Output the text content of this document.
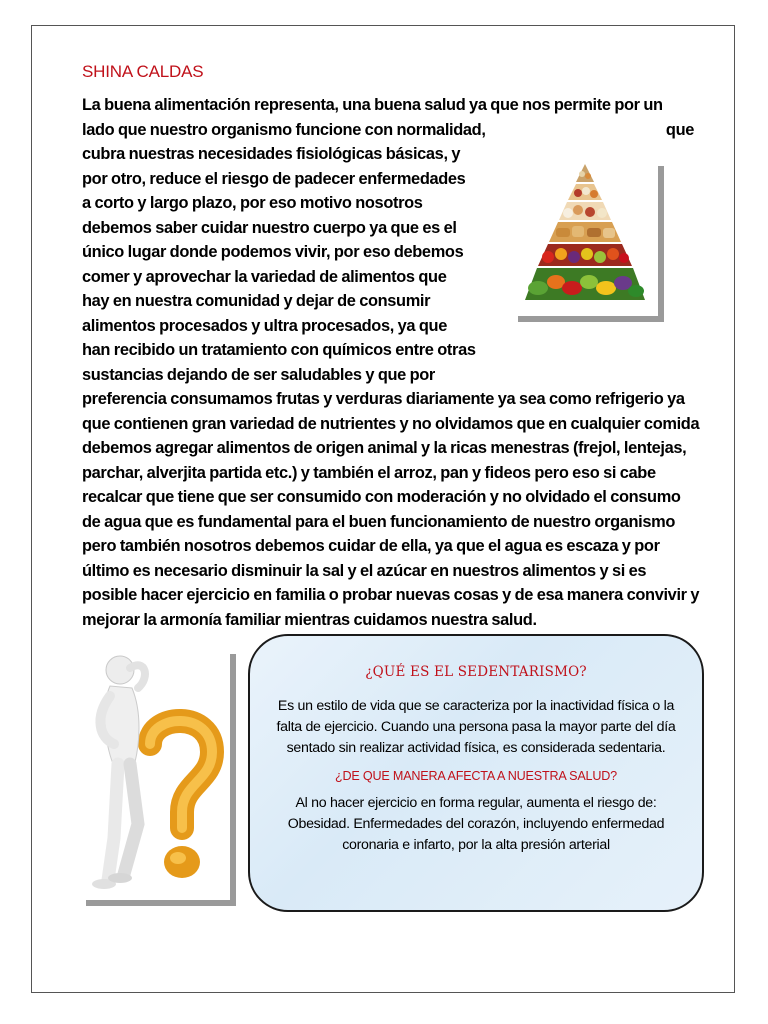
SHINA CALDAS
La buena alimentación representa, una buena salud ya que nos permite por un
lado que nuestro organismo funcione con normalidad,	que
cubra nuestras necesidades fisiológicas básicas, y
por otro, reduce el riesgo de padecer enfermedades
a corto y largo plazo, por eso motivo nosotros
debemos saber cuidar nuestro cuerpo ya que es el
único lugar donde podemos vivir, por eso debemos
comer y aprovechar la variedad de alimentos que
hay en nuestra comunidad y dejar de consumir
alimentos procesados y ultra procesados, ya que
han recibido un tratamiento con químicos entre otras
sustancias dejando de ser saludables y que por
preferencia consumamos frutas y verduras diariamente ya sea como refrigerio ya que contienen gran variedad de nutrientes y no olvidamos que en cualquier comida debemos agregar alimentos de origen animal y la ricas menestras (frejol, lentejas, parchar, alverjita partida etc.) y también el arroz, pan y fideos pero eso si cabe recalcar que tiene que ser consumido con moderación y no olvidado el consumo de agua que es fundamental para el buen funcionamiento de nuestro organismo pero también nosotros debemos cuidar de ella, ya que el agua es escaza y por último es necesario disminuir la sal y el azúcar en nuestros alimentos y si es posible hacer ejercicio en familia o probar nuevas cosas y de esa manera convivir y mejorar la armonía familiar mientras cuidamos nuestra salud.
¿QUÉ ES EL SEDENTARISMO?

Es un estilo de vida que se caracteriza por la inactividad física o la falta de ejercicio. Cuando una persona pasa la mayor parte del día sentado sin realizar actividad física, es considerada sedentaria.

¿DE QUE MANERA AFECTA A NUESTRA SALUD?

Al no hacer ejercicio en forma regular, aumenta el riesgo de: Obesidad. Enfermedades del corazón, incluyendo enfermedad coronaria e infarto, por la alta presión arterial
